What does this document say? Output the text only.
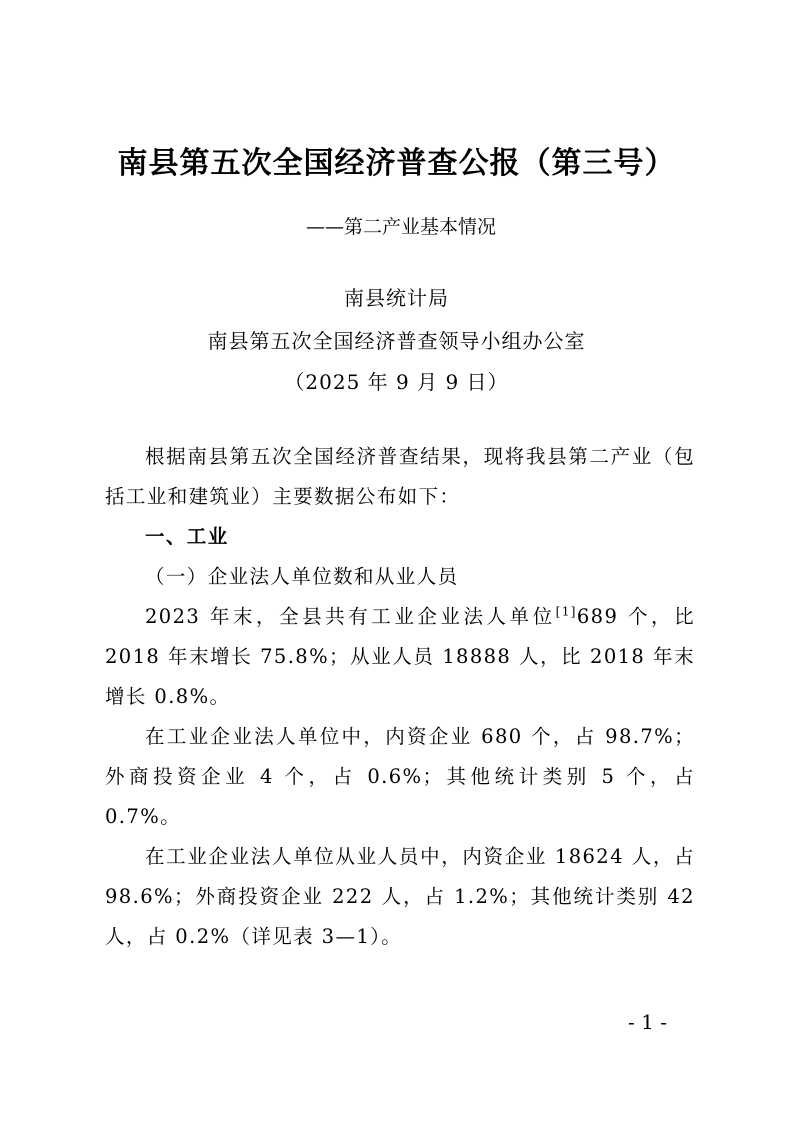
南县第五次全国经济普查公报（第三号）
——第二产业基本情况
南县统计局
南县第五次全国经济普查领导小组办公室
（2025 年 9 月 9 日）

根据南县第五次全国经济普查结果，现将我县第二产业（包括工业和建筑业）主要数据公布如下：

一、工业

（一）企业法人单位数和从业人员

2023 年末，全县共有工业企业法人单位[1]689 个，比 2018 年末增长 75.8%；从业人员 18888 人，比 2018 年末增长 0.8%。

在工业企业法人单位中，内资企业 680 个，占 98.7%；外商投资企业 4 个，占 0.6%；其他统计类别 5 个，占 0.7%。

在工业企业法人单位从业人员中，内资企业 18624 人，占 98.6%；外商投资企业 222 人，占 1.2%；其他统计类别 42 人，占 0.2%（详见表 3—1）。

- 1 -
